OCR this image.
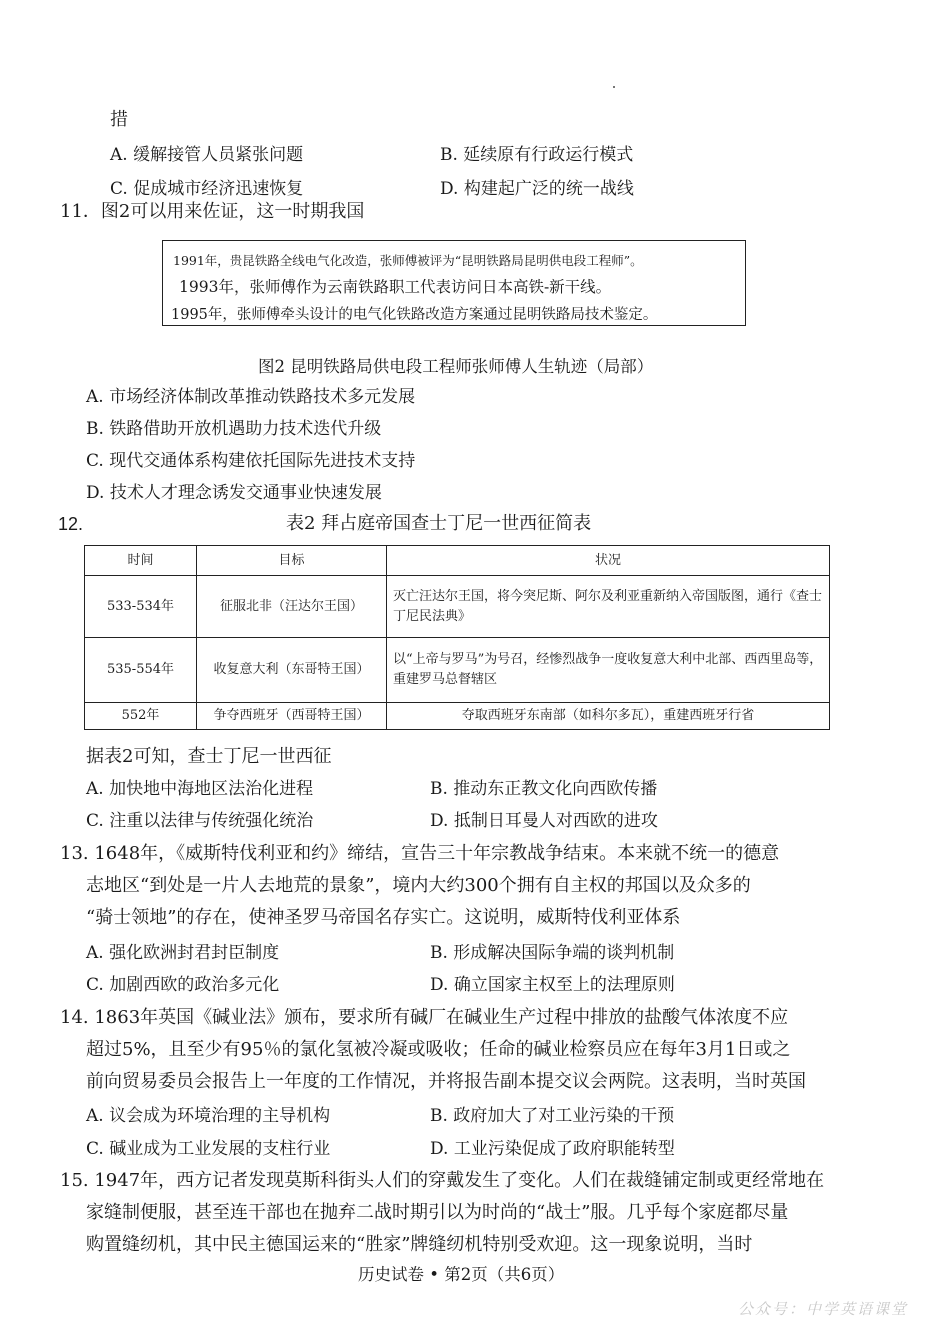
措
A. 缓解接管人员紧张问题	B. 延续原有行政运行模式
C. 促成城市经济迅速恢复	D. 构建起广泛的统一战线
11．图2可以用来佐证，这一时期我国
1991年，贵昆铁路全线电气化改造，张师傅被评为“昆明铁路局昆明供电段工程师”。
1993年，张师傅作为云南铁路职工代表访问日本高铁-新干线。
1995年，张师傅牵头设计的电气化铁路改造方案通过昆明铁路局技术鉴定。
图2 昆明铁路局供电段工程师张师傅人生轨迹（局部）
A. 市场经济体制改革推动铁路技术多元发展
B. 铁路借助开放机遇助力技术迭代升级
C. 现代交通体系构建依托国际先进技术支持
D. 技术人才理念诱发交通事业快速发展
12.	表2 拜占庭帝国查士丁尼一世西征简表
时间	目标	状况
533-534年	征服北非（汪达尔王国）	灭亡汪达尔王国，将今突尼斯、阿尔及利亚重新纳入帝国版图，通行《查士丁尼民法典》
535-554年	收复意大利（东哥特王国）	以“上帝与罗马”为号召，经惨烈战争一度收复意大利中北部、西西里岛等，重建罗马总督辖区
552年	争夺西班牙（西哥特王国）	夺取西班牙东南部（如科尔多瓦），重建西班牙行省
据表2可知，查士丁尼一世西征
A. 加快地中海地区法治化进程	B. 推动东正教文化向西欧传播
C. 注重以法律与传统强化统治	D. 抵制日耳曼人对西欧的进攻
13. 1648年，《威斯特伐利亚和约》缔结，宣告三十年宗教战争结束。本来就不统一的德意
志地区“到处是一片人去地荒的景象”，境内大约300个拥有自主权的邦国以及众多的
“骑士领地”的存在，使神圣罗马帝国名存实亡。这说明，威斯特伐利亚体系
A. 强化欧洲封君封臣制度	B. 形成解决国际争端的谈判机制
C. 加剧西欧的政治多元化	D. 确立国家主权至上的法理原则
14. 1863年英国《碱业法》颁布，要求所有碱厂在碱业生产过程中排放的盐酸气体浓度不应
超过5%，且至少有95％的氯化氢被冷凝或吸收；任命的碱业检察员应在每年3月1日或之
前向贸易委员会报告上一年度的工作情况，并将报告副本提交议会两院。这表明，当时英国
A. 议会成为环境治理的主导机构	B. 政府加大了对工业污染的干预
C. 碱业成为工业发展的支柱行业	D. 工业污染促成了政府职能转型
15. 1947年，西方记者发现莫斯科街头人们的穿戴发生了变化。人们在裁缝铺定制或更经常地在
家缝制便服，甚至连干部也在抛弃二战时期引以为时尚的“战士”服。几乎每个家庭都尽量
购置缝纫机，其中民主德国运来的“胜家”牌缝纫机特别受欢迎。这一现象说明，当时
历史试卷 • 第2页（共6页）
公众号：中学英语课堂
